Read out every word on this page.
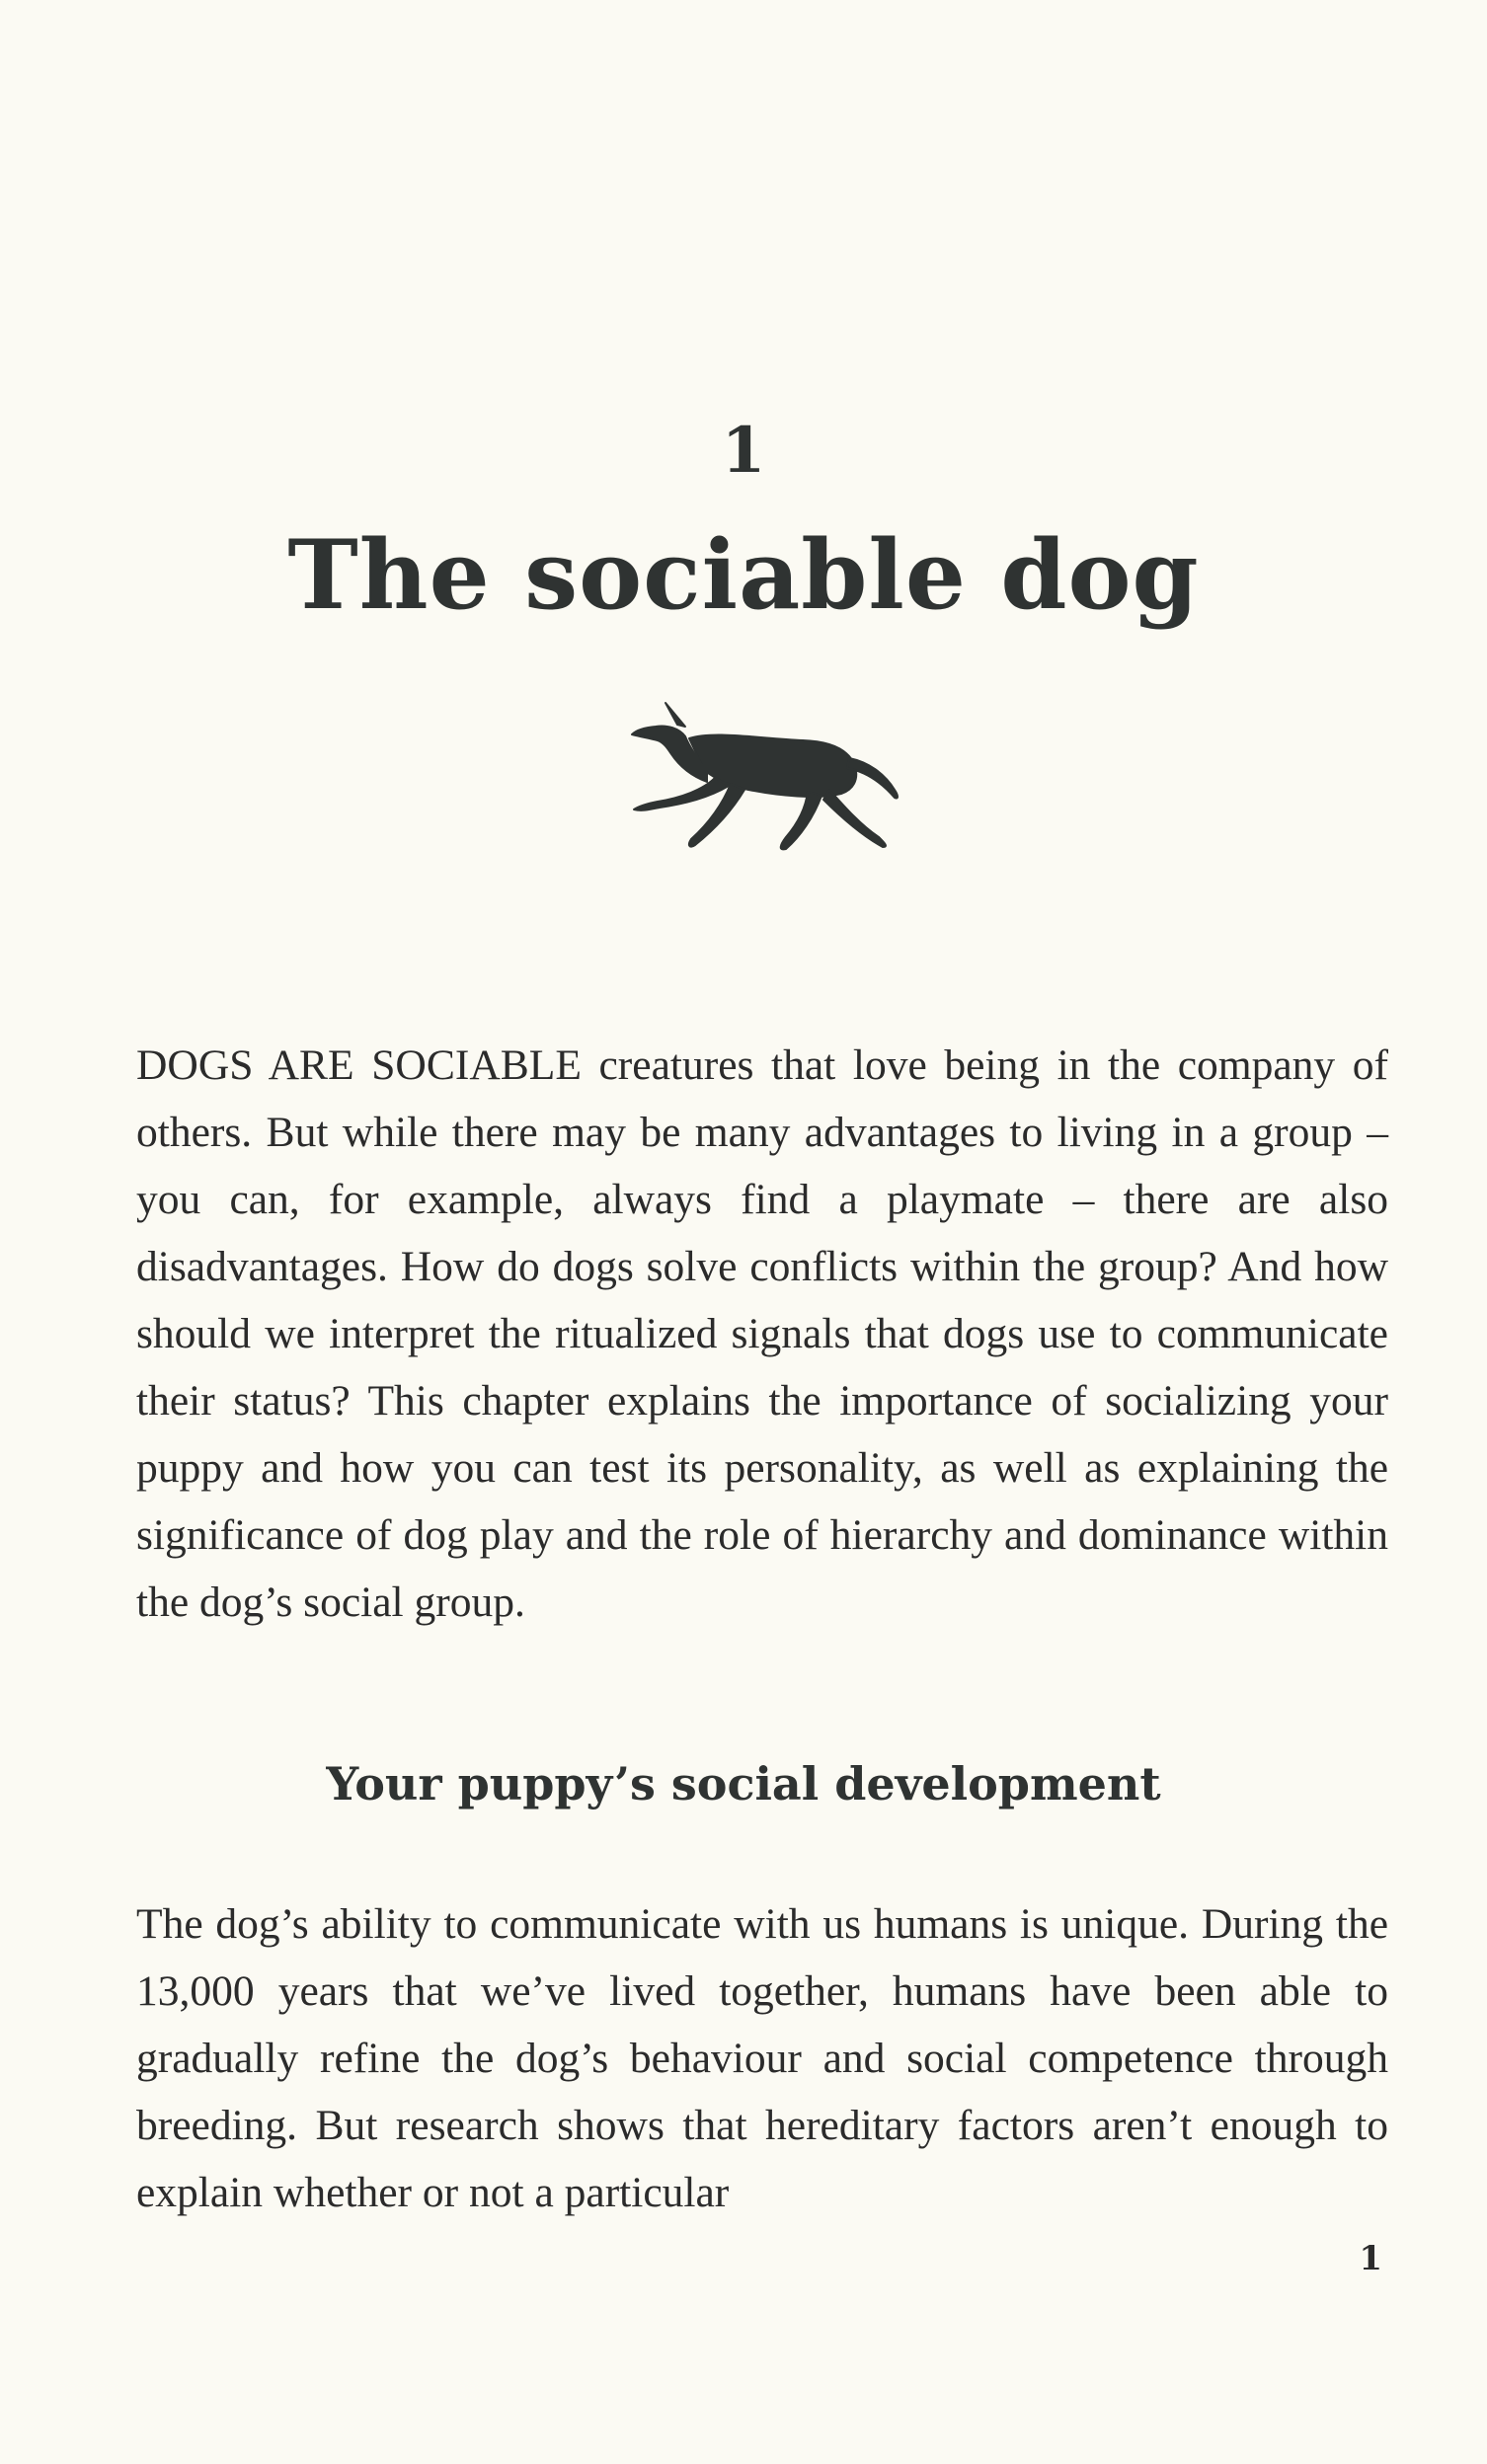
1
The sociable dog

DOGS ARE SOCIABLE creatures that love being in the company of others. But while there may be many advantages to living in a group – you can, for example, always find a playmate – there are also disadvantages. How do dogs solve conflicts within the group? And how should we interpret the ritualized signals that dogs use to communicate their status? This chapter explains the importance of socializing your puppy and how you can test its personality, as well as explaining the significance of dog play and the role of hierarchy and dominance within the dog’s social group.

Your puppy’s social development

The dog’s ability to communicate with us humans is unique. During the 13,000 years that we’ve lived together, humans have been able to gradually refine the dog’s behaviour and social competence through breeding. But research shows that hereditary factors aren’t enough to explain whether or not a particular

1
